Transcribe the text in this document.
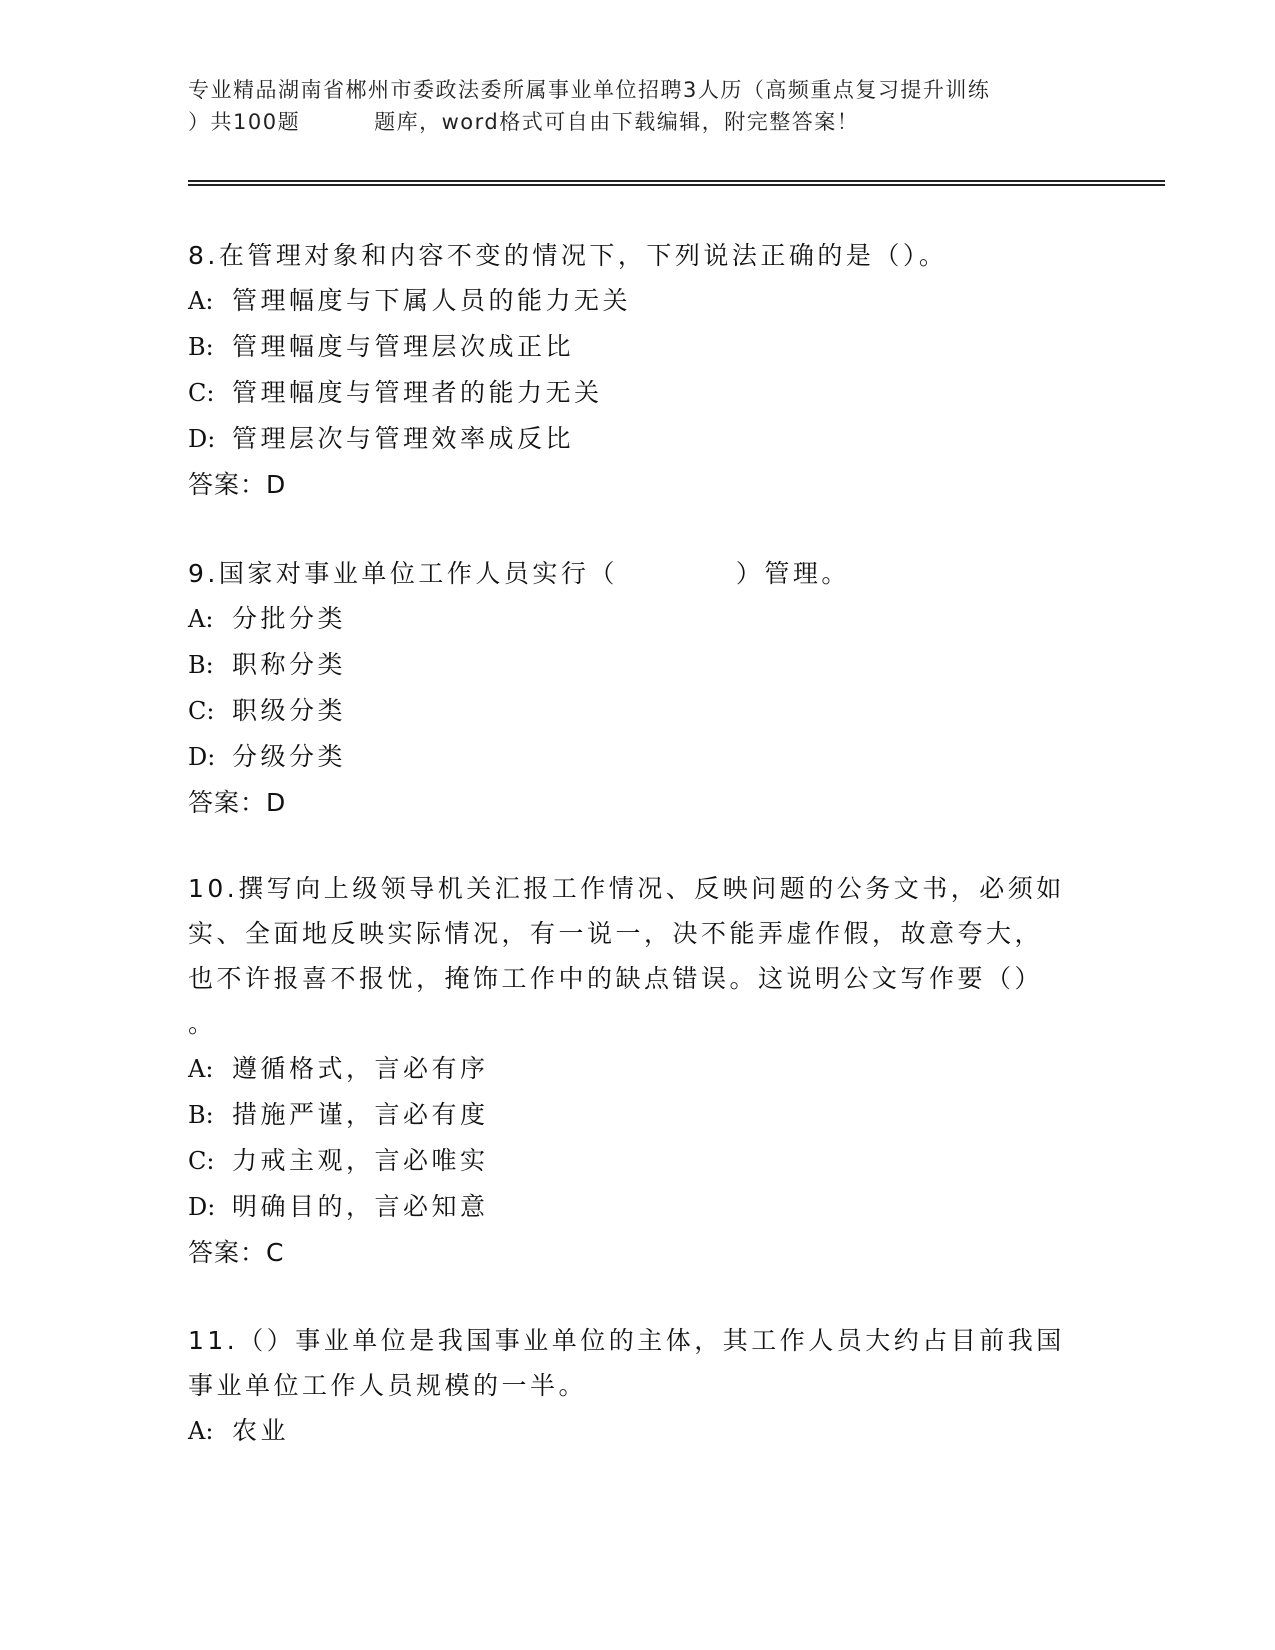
专业精品湖南省郴州市委政法委所属事业单位招聘3人历（高频重点复习提升训练
）共100题	题库，word格式可自由下载编辑，附完整答案！

8.在管理对象和内容不变的情况下，下列说法正确的是（）。

A: 管理幅度与下属人员的能力无关

B: 管理幅度与管理层次成正比

C: 管理幅度与管理者的能力无关

D: 管理层次与管理效率成反比

答案：D

9.国家对事业单位工作人员实行（	）管理。

A: 分批分类

B: 职称分类

C: 职级分类

D: 分级分类

答案：D

10.撰写向上级领导机关汇报工作情况、反映问题的公务文书，必须如

实、全面地反映实际情况，有一说一，决不能弄虚作假，故意夸大，

也不许报喜不报忧，掩饰工作中的缺点错误。这说明公文写作要（）

。

A: 遵循格式，言必有序

B: 措施严谨，言必有度

C: 力戒主观，言必唯实

D: 明确目的，言必知意

答案：C

11.（）事业单位是我国事业单位的主体，其工作人员大约占目前我国

事业单位工作人员规模的一半。

A: 农业
